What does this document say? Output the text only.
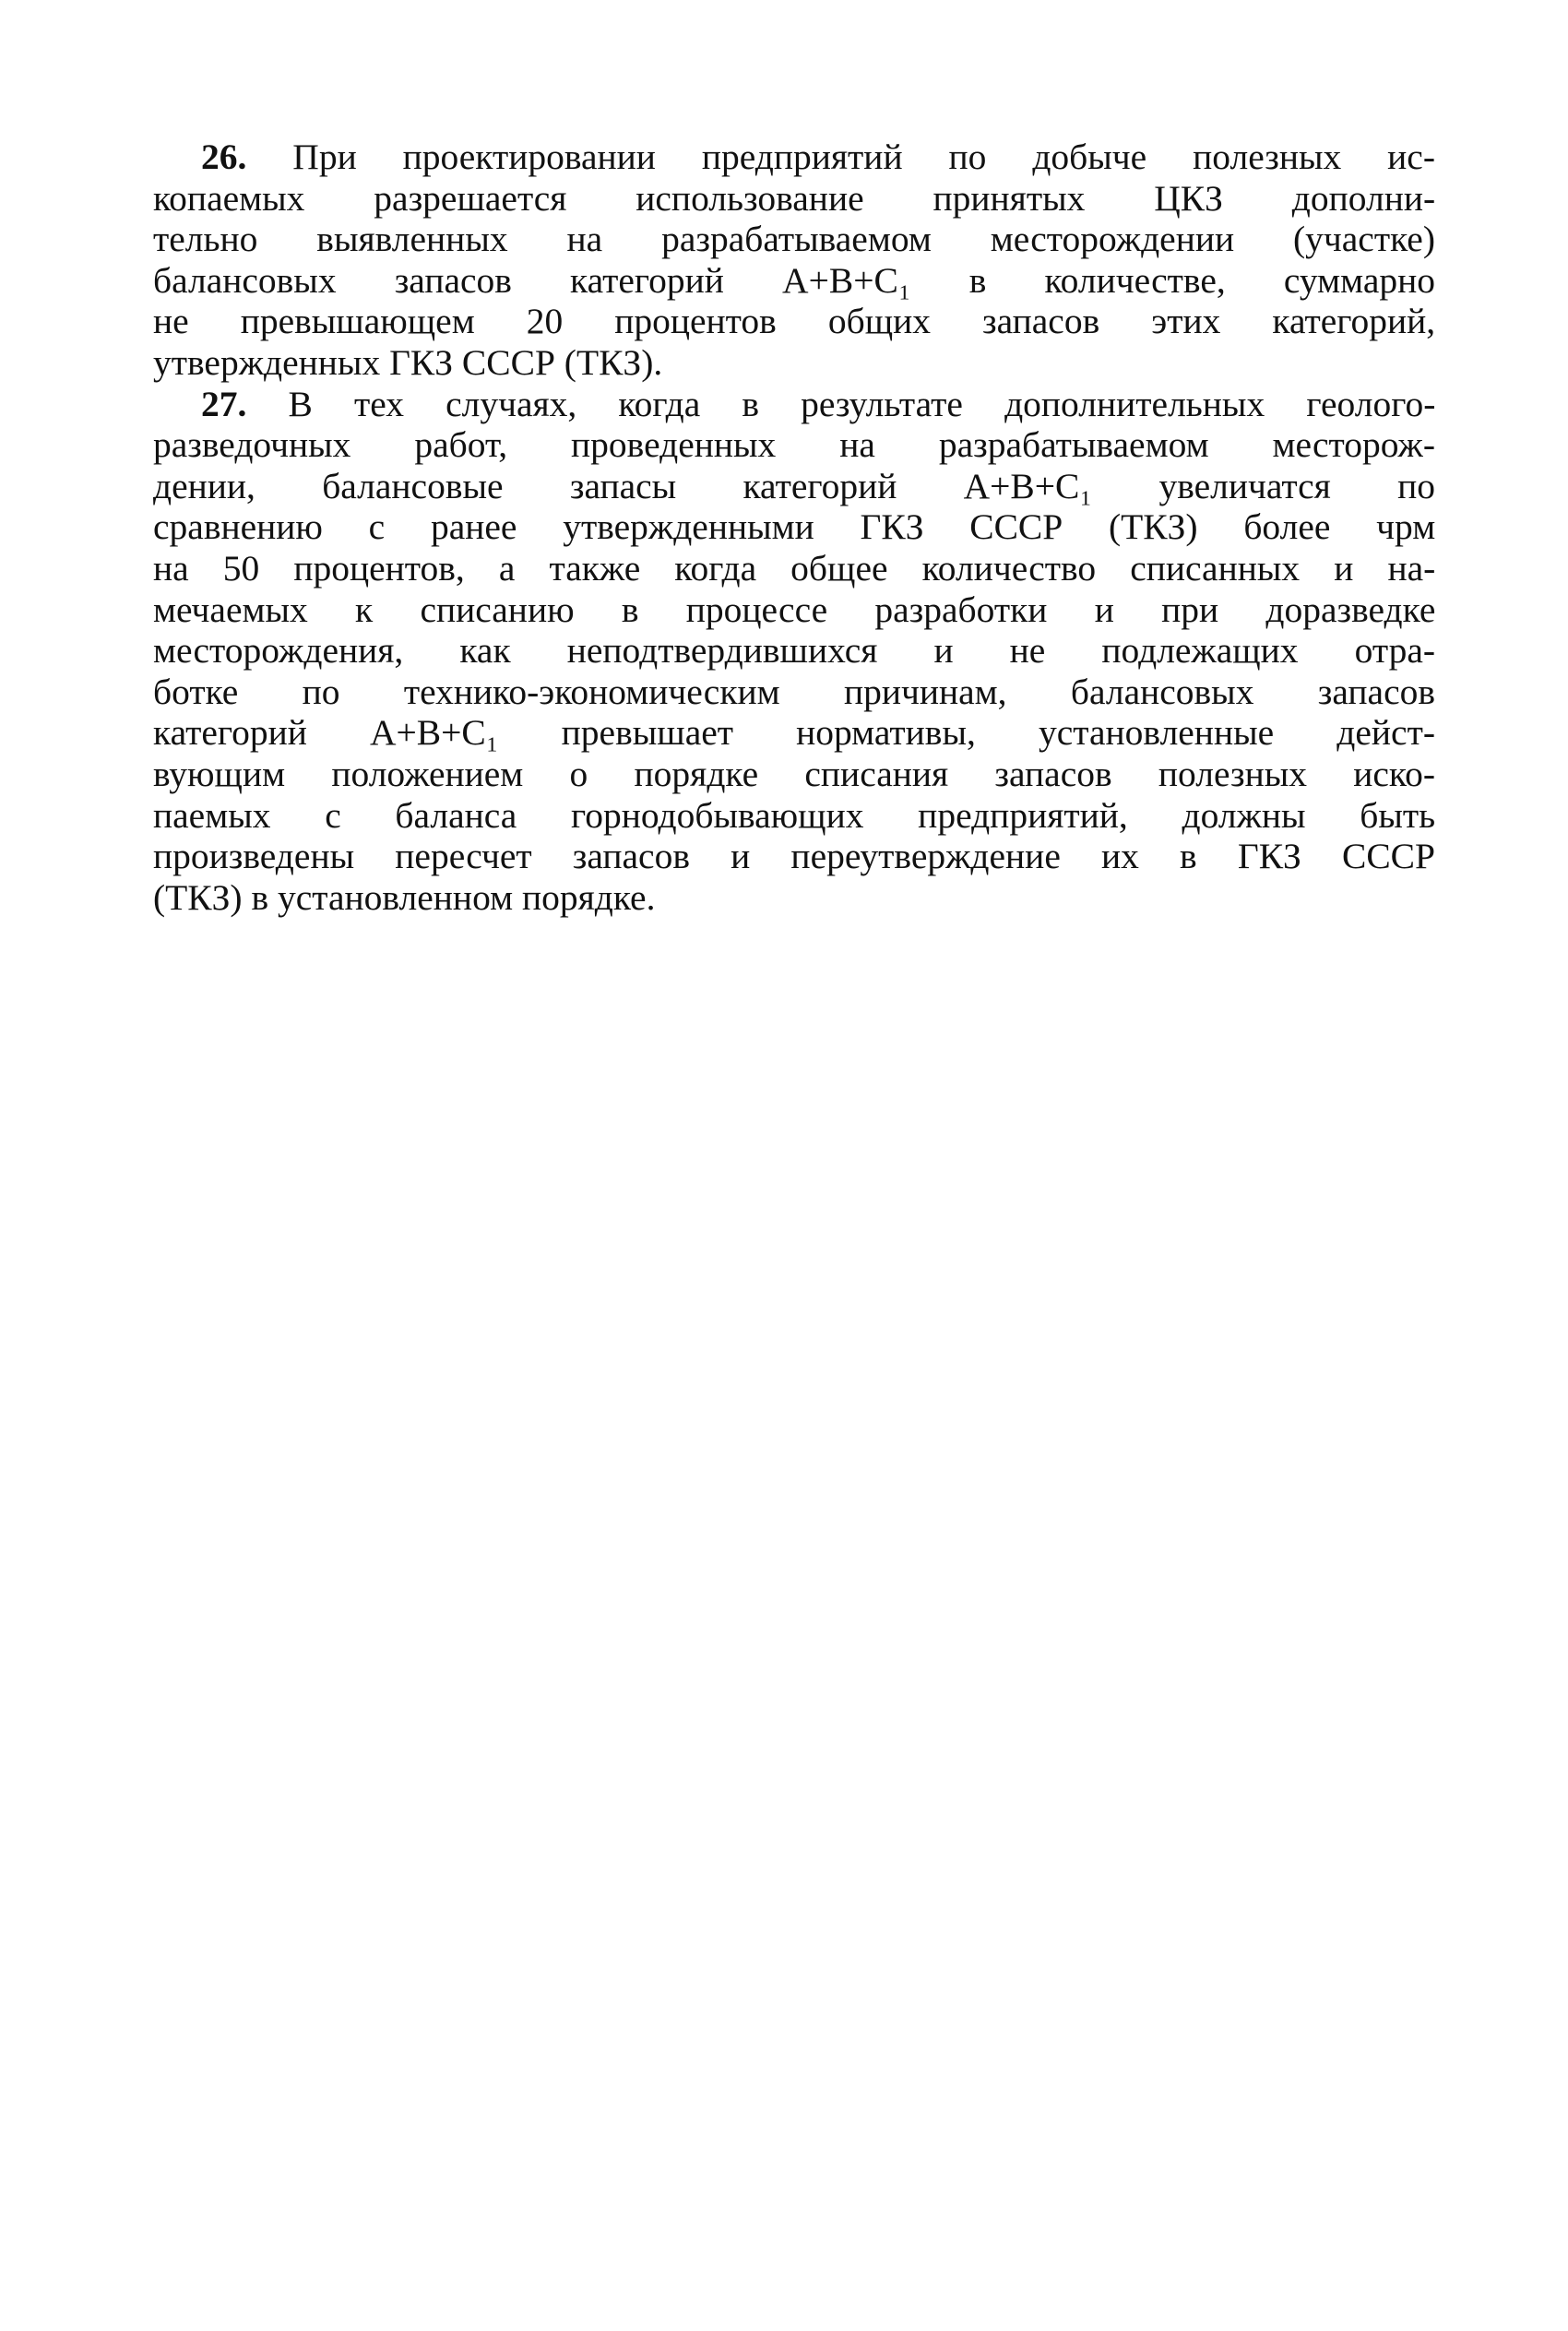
26. При проектировании предприятий по добыче полезных ис-
копаемых разрешается использование принятых ЦКЗ дополни-
тельно выявленных на разрабатываемом месторождении (участке)
балансовых запасов категорий А+В+С₁ в количестве, суммарно
не превышающем 20 процентов общих запасов этих категорий,
утвержденных ГКЗ СССР (ТКЗ).
27. В тех случаях, когда в результате дополнительных геолого-
разведочных работ, проведенных на разрабатываемом месторож-
дении, балансовые запасы категорий А+В+С₁ увеличатся по
сравнению с ранее утвержденными ГКЗ СССР (ТКЗ) более чрм
на 50 процентов, а также когда общее количество списанных и на-
мечаемых к списанию в процессе разработки и при доразведке
месторождения, как неподтвердившихся и не подлежащих отра-
ботке по технико-экономическим причинам, балансовых запасов
категорий А+В+С₁ превышает нормативы, установленные дейст-
вующим положением о порядке списания запасов полезных иско-
паемых с баланса горнодобывающих предприятий, должны быть
произведены пересчет запасов и переутверждение их в ГКЗ СССР
(ТКЗ) в установленном порядке.
